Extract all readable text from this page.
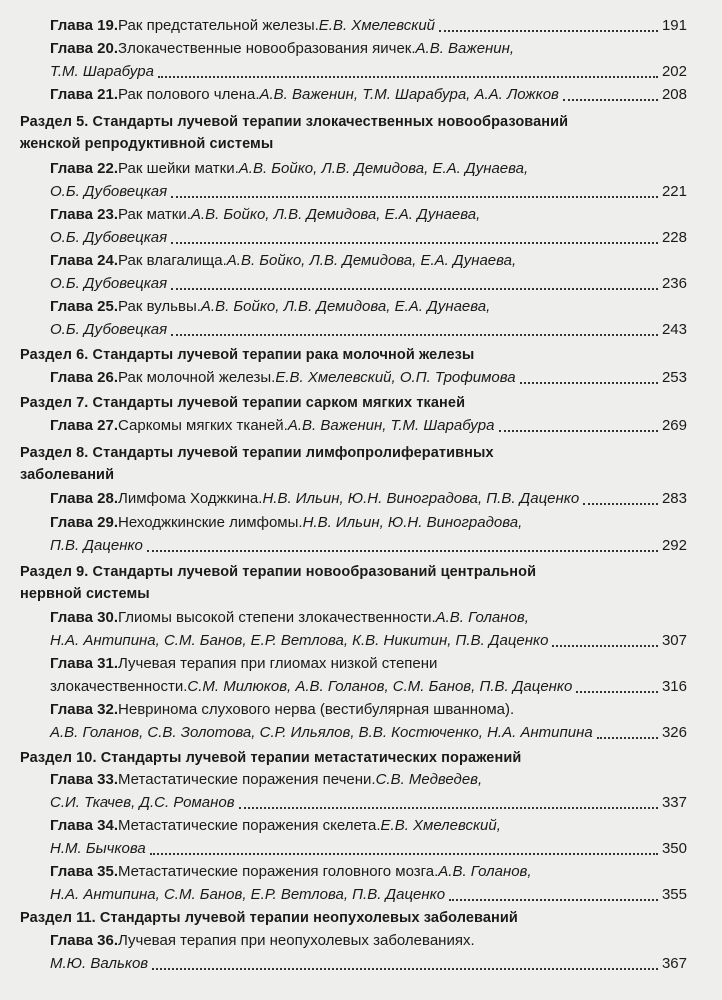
Глава 19. Рак предстательной железы. Е.В. Хмелевский	191
Глава 20. Злокачественные новообразования яичек. А.В. Важенин,
Т.М. Шарабура	202
Глава 21. Рак полового члена. А.В. Важенин, Т.М. Шарабура, А.А. Ложков	208
Раздел 5. Стандарты лучевой терапии злокачественных новообразований
женской репродуктивной системы
Глава 22. Рак шейки матки. А.В. Бойко, Л.В. Демидова, Е.А. Дунаева,
О.Б. Дубовецкая	221
Глава 23. Рак матки. А.В. Бойко, Л.В. Демидова, Е.А. Дунаева,
О.Б. Дубовецкая	228
Глава 24. Рак влагалища. А.В. Бойко, Л.В. Демидова, Е.А. Дунаева,
О.Б. Дубовецкая	236
Глава 25. Рак вульвы. А.В. Бойко, Л.В. Демидова, Е.А. Дунаева,
О.Б. Дубовецкая	243
Раздел 6. Стандарты лучевой терапии рака молочной железы
Глава 26. Рак молочной железы. Е.В. Хмелевский, О.П. Трофимова	253
Раздел 7. Стандарты лучевой терапии сарком мягких тканей
Глава 27. Саркомы мягких тканей. А.В. Важенин, Т.М. Шарабура	269
Раздел 8. Стандарты лучевой терапии лимфопролиферативных
заболеваний
Глава 28. Лимфома Ходжкина. Н.В. Ильин, Ю.Н. Виноградова, П.В. Даценко	283
Глава 29. Неходжкинские лимфомы. Н.В. Ильин, Ю.Н. Виноградова,
П.В. Даценко	292
Раздел 9. Стандарты лучевой терапии новообразований центральной
нервной системы
Глава 30. Глиомы высокой степени злокачественности. А.В. Голанов,
Н.А. Антипина, С.М. Банов, Е.Р. Ветлова, К.В. Никитин, П.В. Даценко	307
Глава 31. Лучевая терапия при глиомах низкой степени
злокачественности. С.М. Милюков, А.В. Голанов, С.М. Банов, П.В. Даценко	316
Глава 32. Невринома слухового нерва (вестибулярная шваннома).
А.В. Голанов, С.В. Золотова, С.Р. Ильялов, В.В. Костюченко, Н.А. Антипина	326
Раздел 10. Стандарты лучевой терапии метастатических поражений
Глава 33. Метастатические поражения печени. С.В. Медведев,
С.И. Ткачев, Д.С. Романов	337
Глава 34. Метастатические поражения скелета. Е.В. Хмелевский,
Н.М. Бычкова	350
Глава 35. Метастатические поражения головного мозга. А.В. Голанов,
Н.А. Антипина, С.М. Банов, Е.Р. Ветлова, П.В. Даценко	355
Раздел 11. Стандарты лучевой терапии неопухолевых заболеваний
Глава 36. Лучевая терапия при неопухолевых заболеваниях.
М.Ю. Вальков	367
